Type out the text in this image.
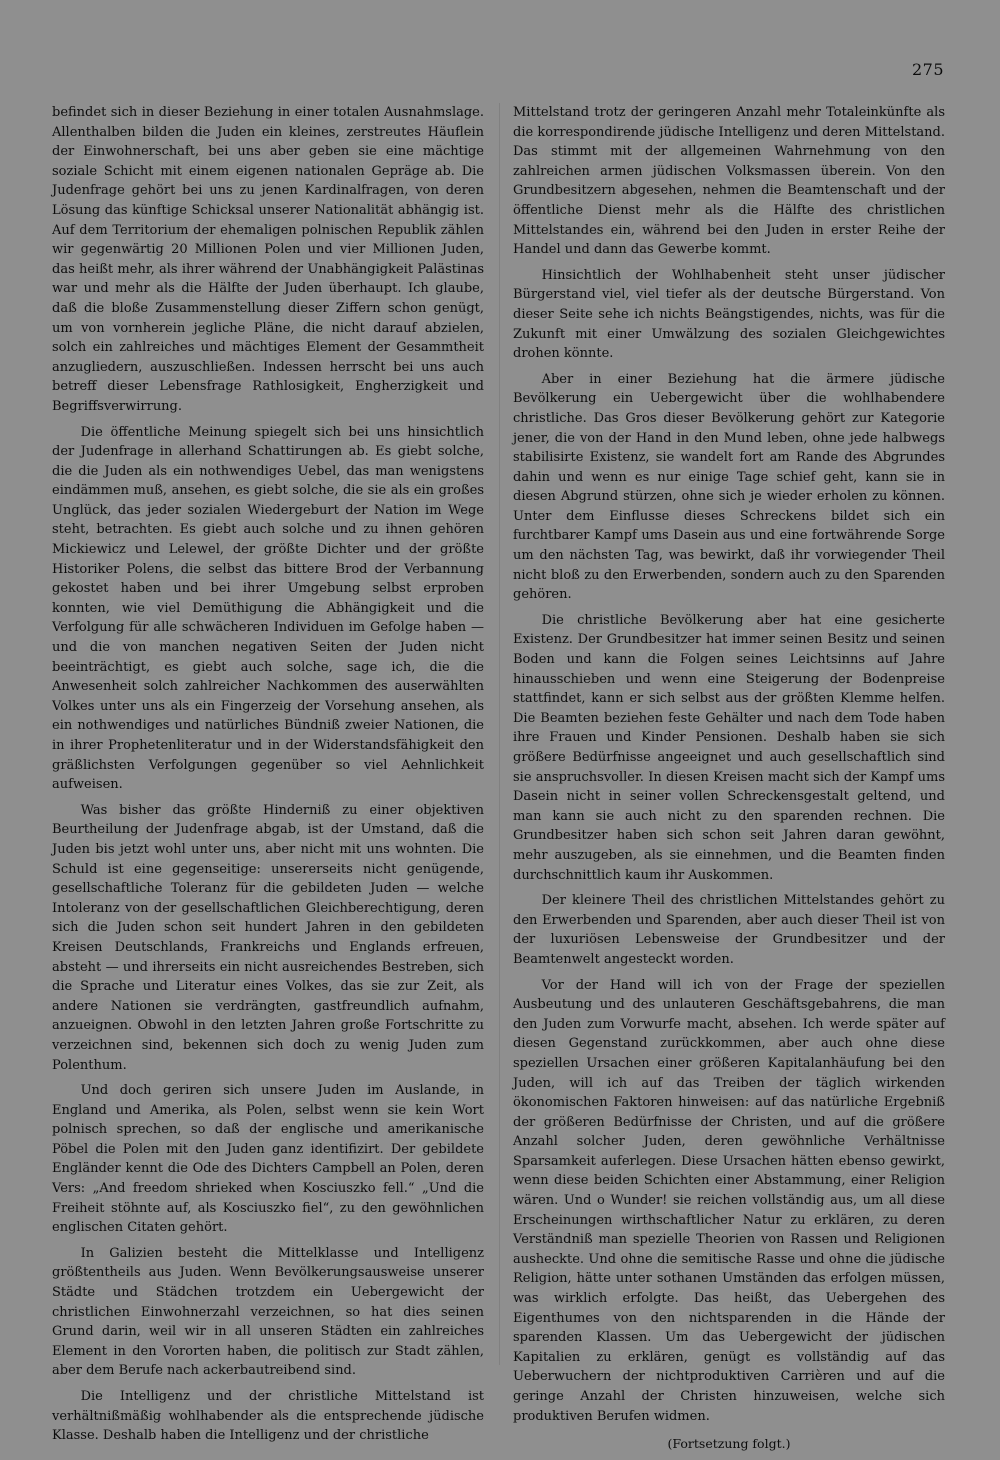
275

befindet sich in dieser Beziehung in einer totalen Ausnahmslage. Allenthalben bilden die Juden ein kleines, zerstreutes Häuflein der Einwohnerschaft, bei uns aber geben sie eine mächtige soziale Schicht mit einem eigenen nationalen Gepräge ab. Die Judenfrage gehört bei uns zu jenen Kardinalfragen, von deren Lösung das künftige Schicksal unserer Nationalität abhängig ist. Auf dem Territorium der ehemaligen polnischen Republik zählen wir gegenwärtig 20 Millionen Polen und vier Millionen Juden, das heißt mehr, als ihrer während der Unabhängigkeit Palästinas war und mehr als die Hälfte der Juden überhaupt. Ich glaube, daß die bloße Zusammenstellung dieser Ziffern schon genügt, um von vornherein jegliche Pläne, die nicht darauf abzielen, solch ein zahlreiches und mächtiges Element der Gesammtheit anzugliedern, auszuschließen. Indessen herrscht bei uns auch betreff dieser Lebensfrage Rathlosigkeit, Engherzigkeit und Begriffsverwirrung.

Die öffentliche Meinung spiegelt sich bei uns hinsichtlich der Judenfrage in allerhand Schattirungen ab. Es giebt solche, die die Juden als ein nothwendiges Uebel, das man wenigstens eindämmen muß, ansehen, es giebt solche, die sie als ein großes Unglück, das jeder sozialen Wiedergeburt der Nation im Wege steht, betrachten. Es giebt auch solche und zu ihnen gehören Mickiewicz und Lelewel, der größte Dichter und der größte Historiker Polens, die selbst das bittere Brod der Verbannung gekostet haben und bei ihrer Umgebung selbst erproben konnten, wie viel Demüthigung die Abhängigkeit und die Verfolgung für alle schwächeren Individuen im Gefolge haben — und die von manchen negativen Seiten der Juden nicht beeinträchtigt, es giebt auch solche, sage ich, die die Anwesenheit solch zahlreicher Nachkommen des auserwählten Volkes unter uns als ein Fingerzeig der Vorsehung ansehen, als ein nothwendiges und natürliches Bündniß zweier Nationen, die in ihrer Prophetenliteratur und in der Widerstandsfähigkeit den gräßlichsten Verfolgungen gegenüber so viel Aehnlichkeit aufweisen.

Was bisher das größte Hinderniß zu einer objektiven Beurtheilung der Judenfrage abgab, ist der Umstand, daß die Juden bis jetzt wohl unter uns, aber nicht mit uns wohnten. Die Schuld ist eine gegenseitige: unsererseits nicht genügende, gesellschaftliche Toleranz für die gebildeten Juden — welche Intoleranz von der gesellschaftlichen Gleichberechtigung, deren sich die Juden schon seit hundert Jahren in den gebildeten Kreisen Deutschlands, Frankreichs und Englands erfreuen, absteht — und ihrerseits ein nicht ausreichendes Bestreben, sich die Sprache und Literatur eines Volkes, das sie zur Zeit, als andere Nationen sie verdrängten, gastfreundlich aufnahm, anzueignen. Obwohl in den letzten Jahren große Fortschritte zu verzeichnen sind, bekennen sich doch zu wenig Juden zum Polenthum.

Und doch geriren sich unsere Juden im Auslande, in England und Amerika, als Polen, selbst wenn sie kein Wort polnisch sprechen, so daß der englische und amerikanische Pöbel die Polen mit den Juden ganz identifizirt. Der gebildete Engländer kennt die Ode des Dichters Campbell an Polen, deren Vers: „And freedom shrieked when Kosciuszko fell.“ „Und die Freiheit stöhnte auf, als Kosciuszko fiel“, zu den gewöhnlichen englischen Citaten gehört.

In Galizien besteht die Mittelklasse und Intelligenz größtentheils aus Juden. Wenn Bevölkerungsausweise unserer Städte und Städchen trotzdem ein Uebergewicht der christlichen Einwohnerzahl verzeichnen, so hat dies seinen Grund darin, weil wir in all unseren Städten ein zahlreiches Element in den Vororten haben, die politisch zur Stadt zählen, aber dem Berufe nach ackerbautreibend sind.

Die Intelligenz und der christliche Mittelstand ist verhältnißmäßig wohlhabender als die entsprechende jüdische Klasse. Deshalb haben die Intelligenz und der christliche

Mittelstand trotz der geringeren Anzahl mehr Totaleinkünfte als die korrespondirende jüdische Intelligenz und deren Mittelstand. Das stimmt mit der allgemeinen Wahrnehmung von den zahlreichen armen jüdischen Volksmassen überein. Von den Grundbesitzern abgesehen, nehmen die Beamtenschaft und der öffentliche Dienst mehr als die Hälfte des christlichen Mittelstandes ein, während bei den Juden in erster Reihe der Handel und dann das Gewerbe kommt.

Hinsichtlich der Wohlhabenheit steht unser jüdischer Bürgerstand viel, viel tiefer als der deutsche Bürgerstand. Von dieser Seite sehe ich nichts Beängstigendes, nichts, was für die Zukunft mit einer Umwälzung des sozialen Gleichgewichtes drohen könnte.

Aber in einer Beziehung hat die ärmere jüdische Bevölkerung ein Uebergewicht über die wohlhabendere christliche. Das Gros dieser Bevölkerung gehört zur Kategorie jener, die von der Hand in den Mund leben, ohne jede halbwegs stabilisirte Existenz, sie wandelt fort am Rande des Abgrundes dahin und wenn es nur einige Tage schief geht, kann sie in diesen Abgrund stürzen, ohne sich je wieder erholen zu können. Unter dem Einflusse dieses Schreckens bildet sich ein furchtbarer Kampf ums Dasein aus und eine fortwährende Sorge um den nächsten Tag, was bewirkt, daß ihr vorwiegender Theil nicht bloß zu den Erwerbenden, sondern auch zu den Sparenden gehören.

Die christliche Bevölkerung aber hat eine gesicherte Existenz. Der Grundbesitzer hat immer seinen Besitz und seinen Boden und kann die Folgen seines Leichtsinns auf Jahre hinausschieben und wenn eine Steigerung der Bodenpreise stattfindet, kann er sich selbst aus der größten Klemme helfen. Die Beamten beziehen feste Gehälter und nach dem Tode haben ihre Frauen und Kinder Pensionen. Deshalb haben sie sich größere Bedürfnisse angeeignet und auch gesellschaftlich sind sie anspruchsvoller. In diesen Kreisen macht sich der Kampf ums Dasein nicht in seiner vollen Schreckensgestalt geltend, und man kann sie auch nicht zu den sparenden rechnen. Die Grundbesitzer haben sich schon seit Jahren daran gewöhnt, mehr auszugeben, als sie einnehmen, und die Beamten finden durchschnittlich kaum ihr Auskommen.

Der kleinere Theil des christlichen Mittelstandes gehört zu den Erwerbenden und Sparenden, aber auch dieser Theil ist von der luxuriösen Lebensweise der Grundbesitzer und der Beamtenwelt angesteckt worden.

Vor der Hand will ich von der Frage der speziellen Ausbeutung und des unlauteren Geschäftsgebahrens, die man den Juden zum Vorwurfe macht, absehen. Ich werde später auf diesen Gegenstand zurückkommen, aber auch ohne diese speziellen Ursachen einer größeren Kapitalanhäufung bei den Juden, will ich auf das Treiben der täglich wirkenden ökonomischen Faktoren hinweisen: auf das natürliche Ergebniß der größeren Bedürfnisse der Christen, und auf die größere Anzahl solcher Juden, deren gewöhnliche Verhältnisse Sparsamkeit auferlegen. Diese Ursachen hätten ebenso gewirkt, wenn diese beiden Schichten einer Abstammung, einer Religion wären. Und o Wunder! sie reichen vollständig aus, um all diese Erscheinungen wirthschaftlicher Natur zu erklären, zu deren Verständniß man spezielle Theorien von Rassen und Religionen ausheckte. Und ohne die semitische Rasse und ohne die jüdische Religion, hätte unter sothanen Umständen das erfolgen müssen, was wirklich erfolgte. Das heißt, das Uebergehen des Eigenthumes von den nichtsparenden in die Hände der sparenden Klassen. Um das Uebergewicht der jüdischen Kapitalien zu erklären, genügt es vollständig auf das Ueberwuchern der nichtproduktiven Carrièren und auf die geringe Anzahl der Christen hinzuweisen, welche sich produktiven Berufen widmen.

(Fortsetzung folgt.)
